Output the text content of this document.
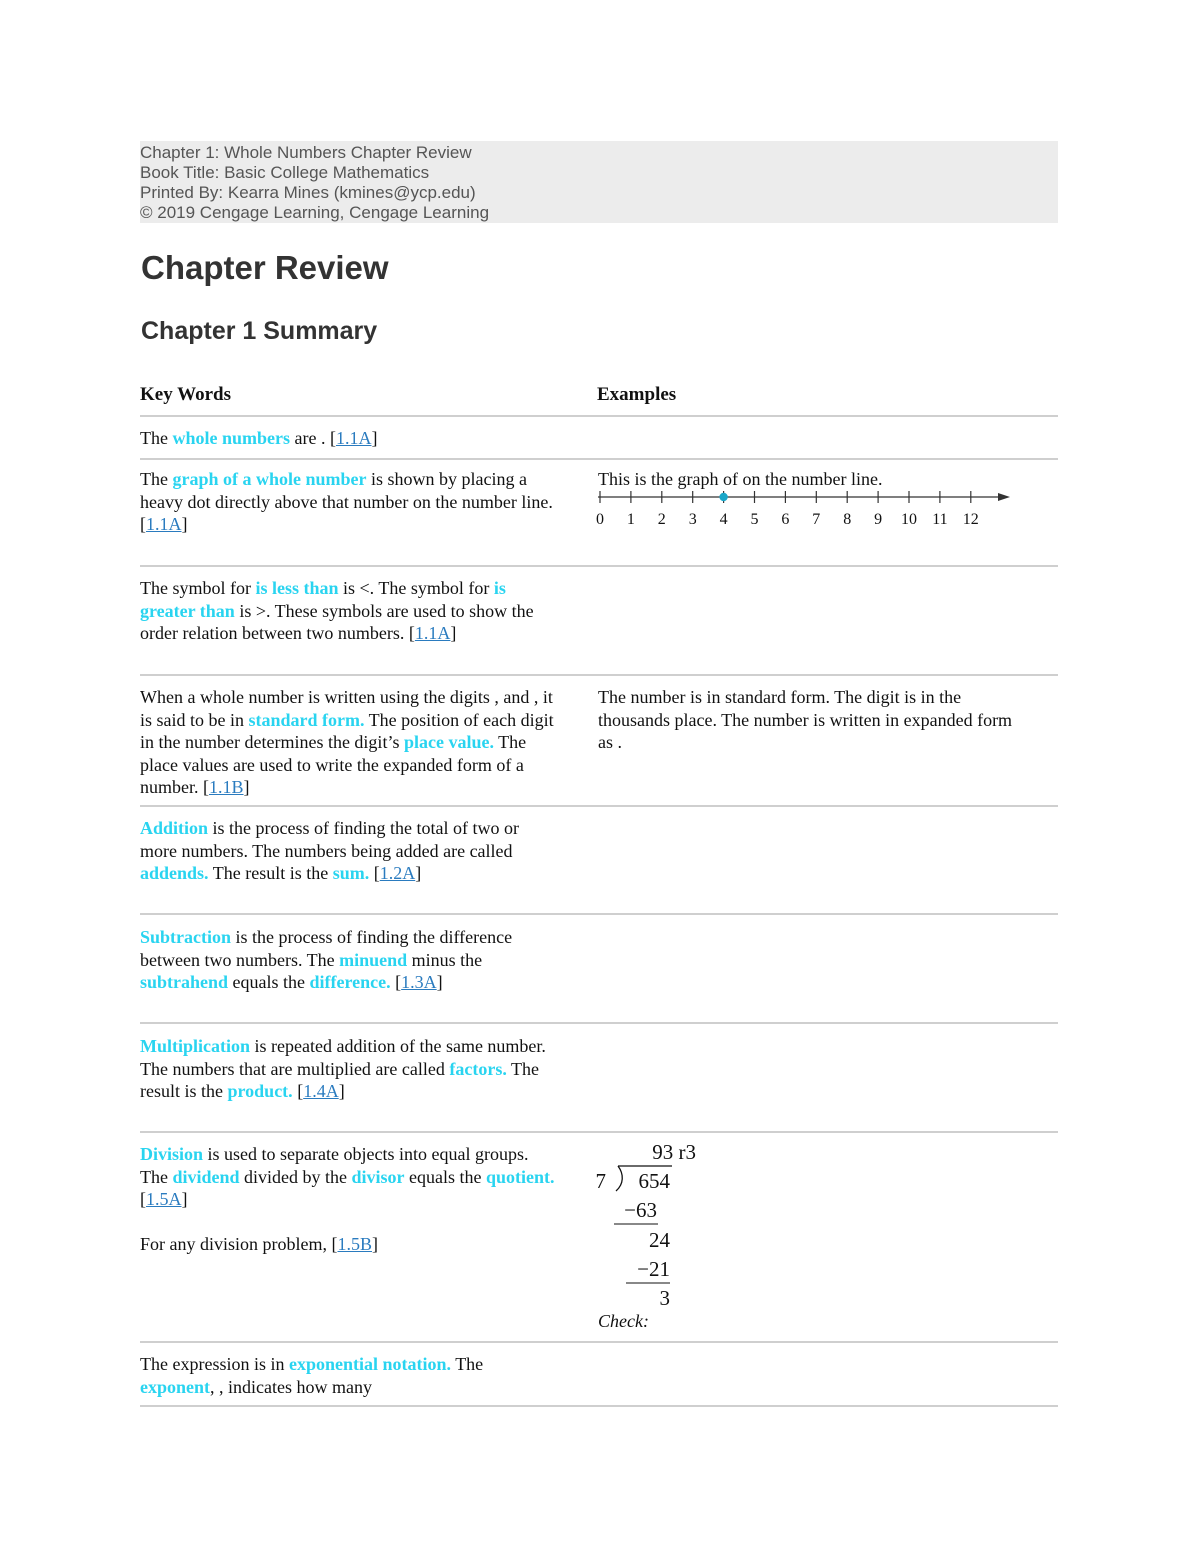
Chapter 1: Whole Numbers Chapter Review
Book Title: Basic College Mathematics
Printed By: Kearra Mines (kmines@ycp.edu)
© 2019 Cengage Learning, Cengage Learning
Chapter Review
Chapter 1 Summary
Key Words	Examples
The whole numbers are . [1.1A]
The graph of a whole number is shown by placing a heavy dot directly above that number on the number line. [1.1A]
This is the graph of on the number line.
0 1 2 3 4 5 6 7 8 9 10 11 12
The symbol for is less than is <. The symbol for is greater than is >. These symbols are used to show the order relation between two numbers. [1.1A]
When a whole number is written using the digits , and , it is said to be in standard form. The position of each digit in the number determines the digit’s place value. The place values are used to write the expanded form of a number. [1.1B]
The number is in standard form. The digit is in the thousands place. The number is written in expanded form as .
Addition is the process of finding the total of two or more numbers. The numbers being added are called addends. The result is the sum. [1.2A]
Subtraction is the process of finding the difference between two numbers. The minuend minus the subtrahend equals the difference. [1.3A]
Multiplication is repeated addition of the same number. The numbers that are multiplied are called factors. The result is the product. [1.4A]
Division is used to separate objects into equal groups. The dividend divided by the divisor equals the quotient. [1.5A]
For any division problem, [1.5B]
93 r3
7 654
−63
24
−21
3
Check:
The expression is in exponential notation. The exponent, , indicates how many
